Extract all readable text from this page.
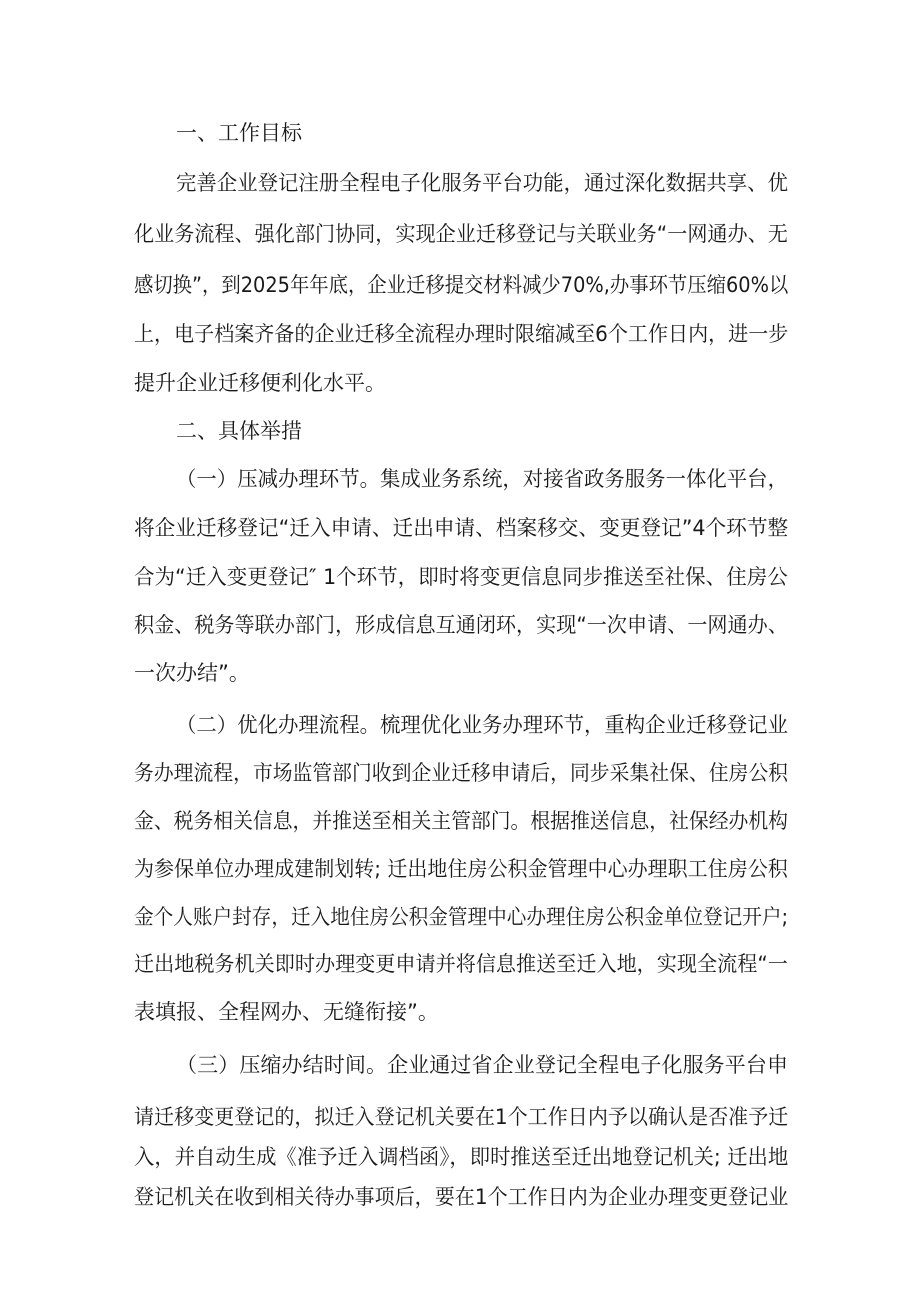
一、工作目标
完善企业登记注册全程电子化服务平台功能，通过深化数据共享、优
化业务流程、强化部门协同，实现企业迁移登记与关联业务“一网通办、无
感切换”，到2025年年底，企业迁移提交材料减少70%,办事环节压缩60%以
上，电子档案齐备的企业迁移全流程办理时限缩减至6个工作日内，进一步
提升企业迁移便利化水平。
二、具体举措
（一）压减办理环节。集成业务系统，对接省政务服务一体化平台，
将企业迁移登记“迁入申请、迁出申请、档案移交、变更登记”4个环节整
合为“迁入变更登记″ 1个环节，即时将变更信息同步推送至社保、住房公
积金、税务等联办部门，形成信息互通闭环，实现“一次申请、一网通办、
一次办结”。
（二）优化办理流程。梳理优化业务办理环节，重构企业迁移登记业
务办理流程，市场监管部门收到企业迁移申请后，同步采集社保、住房公积
金、税务相关信息，并推送至相关主管部门。根据推送信息，社保经办机构
为参保单位办理成建制划转; 迁出地住房公积金管理中心办理职工住房公积
金个人账户封存，迁入地住房公积金管理中心办理住房公积金单位登记开户;
迁出地税务机关即时办理变更申请并将信息推送至迁入地，实现全流程“一
表填报、全程网办、无缝衔接”。
（三）压缩办结时间。企业通过省企业登记全程电子化服务平台申
请迁移变更登记的，拟迁入登记机关要在1个工作日内予以确认是否准予迁
入，并自动生成《准予迁入调档函》，即时推送至迁出地登记机关; 迁出地
登记机关在收到相关待办事项后，要在1个工作日内为企业办理变更登记业
